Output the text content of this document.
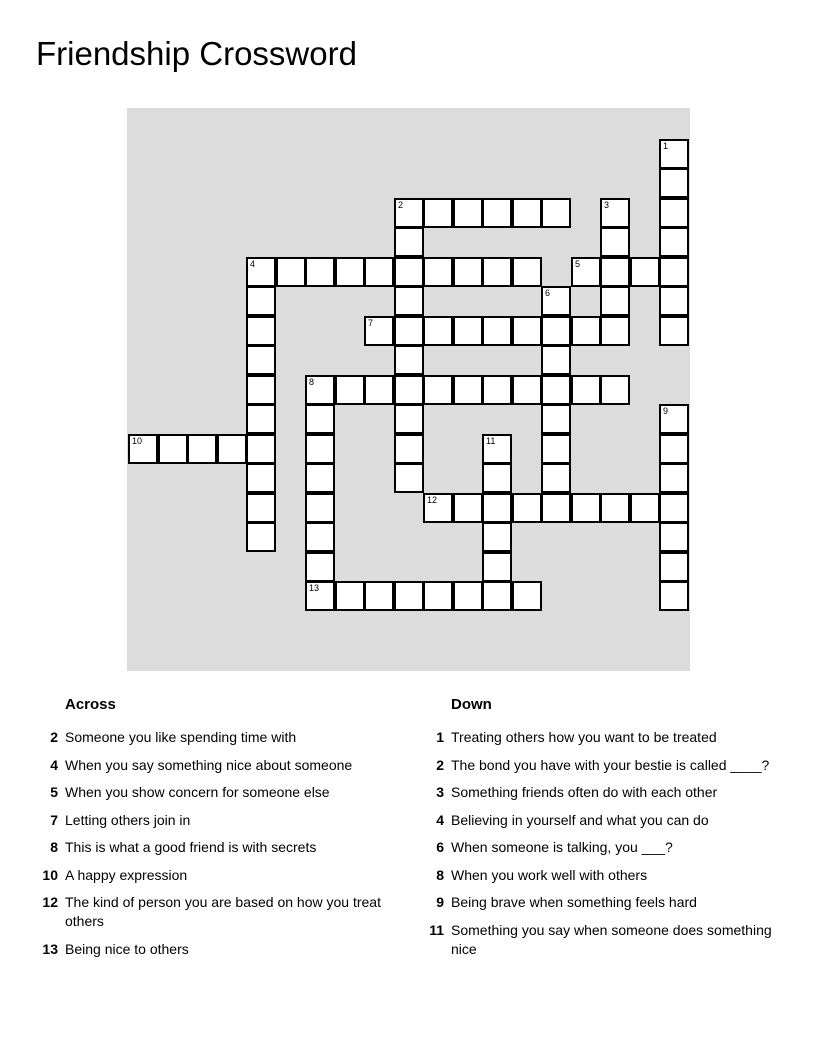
Friendship Crossword
1
2	3
4	5
6
7
8
13
9
10	11
12
Across
2 Someone you like spending time with
4 When you say something nice about someone
5 When you show concern for someone else
7 Letting others join in
8 This is what a good friend is with secrets
10 A happy expression
12 The kind of person you are based on how you treat others
13 Being nice to others
Down
1 Treating others how you want to be treated
2 The bond you have with your bestie is called ____?
3 Something friends often do with each other
4 Believing in yourself and what you can do
6 When someone is talking, you ___?
8 When you work well with others
9 Being brave when something feels hard
11 Something you say when someone does something nice
